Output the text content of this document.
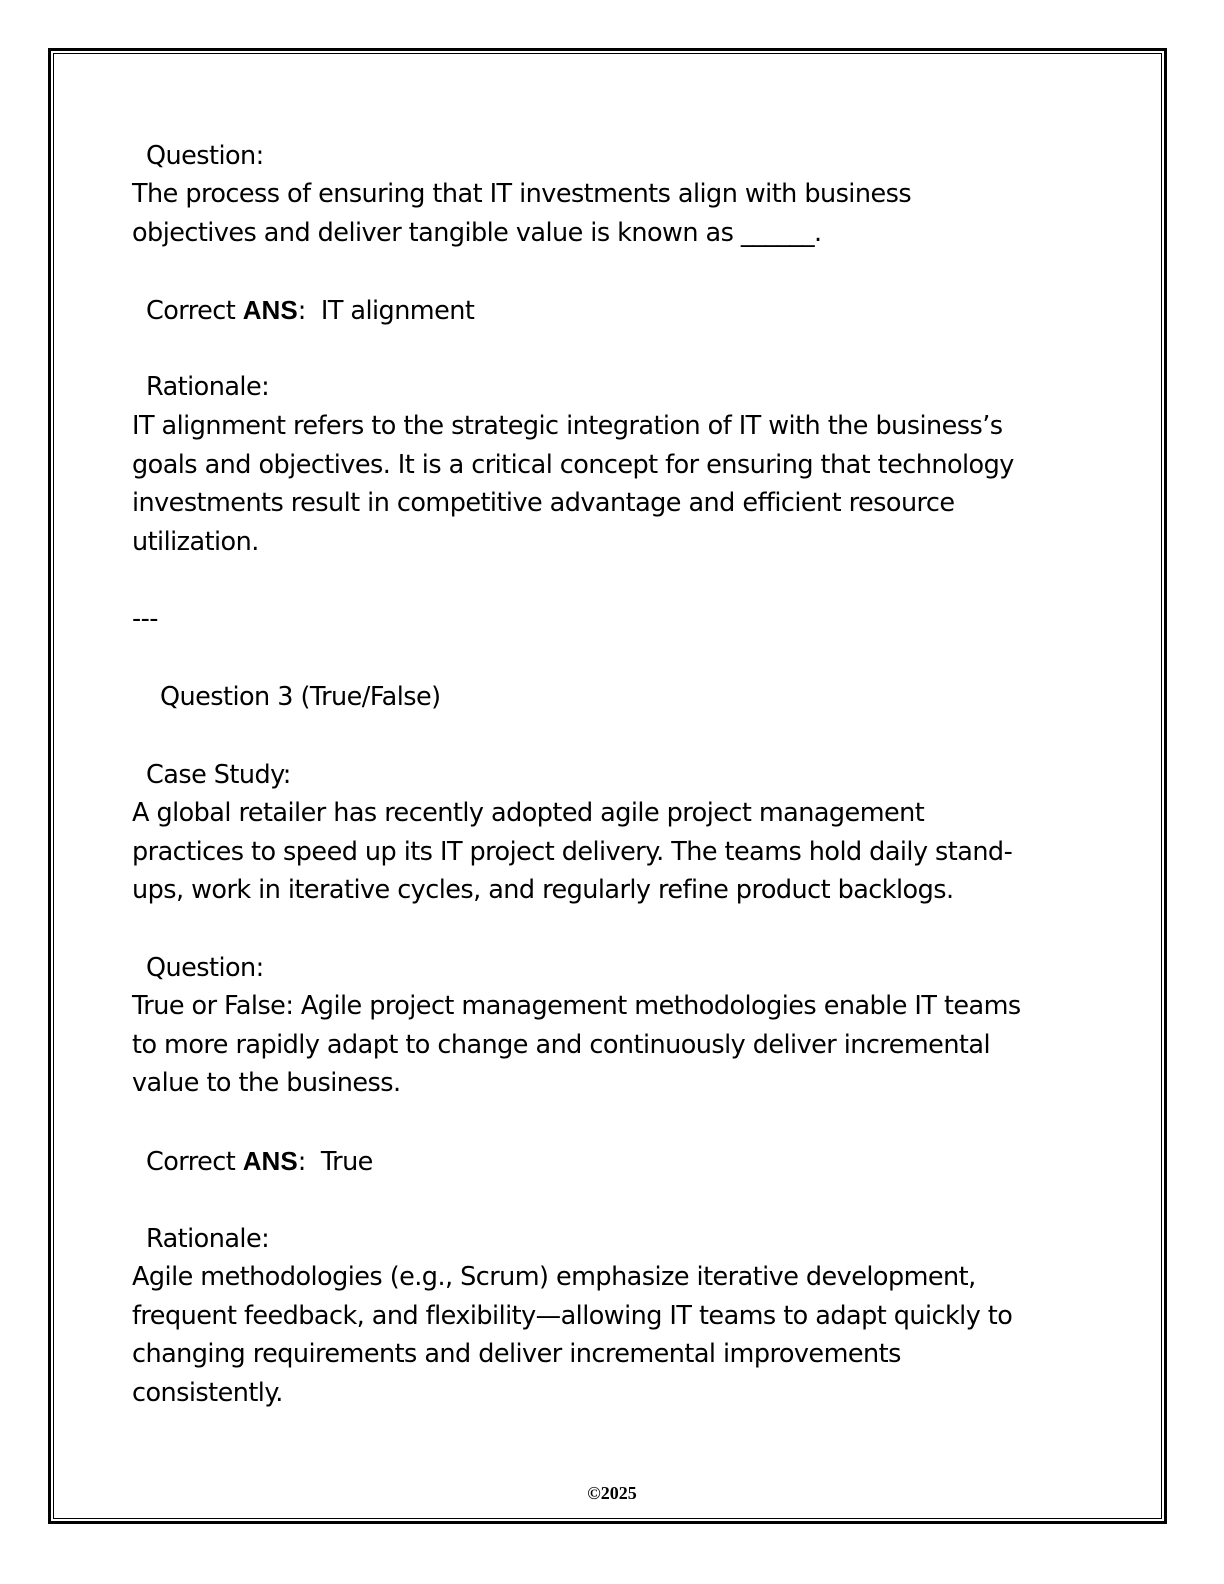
Question:
The process of ensuring that IT investments align with business
objectives and deliver tangible value is known as ______.
Correct ANS: IT alignment
Rationale:
IT alignment refers to the strategic integration of IT with the business’s
goals and objectives. It is a critical concept for ensuring that technology
investments result in competitive advantage and efficient resource
utilization.
---
Question 3 (True/False)
Case Study:
A global retailer has recently adopted agile project management
practices to speed up its IT project delivery. The teams hold daily stand-
ups, work in iterative cycles, and regularly refine product backlogs.
Question:
True or False: Agile project management methodologies enable IT teams
to more rapidly adapt to change and continuously deliver incremental
value to the business.
Correct ANS: True
Rationale:
Agile methodologies (e.g., Scrum) emphasize iterative development,
frequent feedback, and flexibility—allowing IT teams to adapt quickly to
changing requirements and deliver incremental improvements
consistently.
©2025
